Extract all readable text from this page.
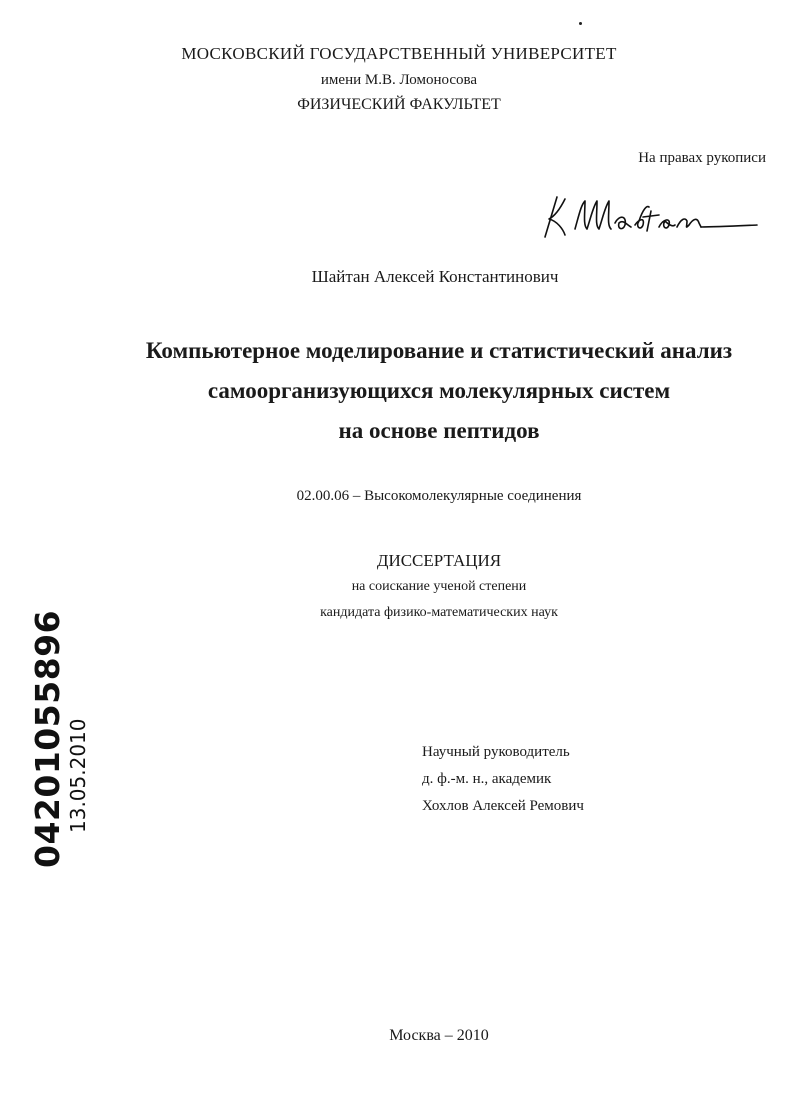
МОСКОВСКИЙ ГОСУДАРСТВЕННЫЙ УНИВЕРСИТЕТ
имени М.В. Ломоносова
ФИЗИЧЕСКИЙ ФАКУЛЬТЕТ
На правах рукописи
Шайтан Алексей Константинович
Компьютерное моделирование и статистический анализ
самоорганизующихся молекулярных систем
на основе пептидов
02.00.06 – Высокомолекулярные соединения
ДИССЕРТАЦИЯ
на соискание ученой степени
кандидата физико-математических наук
Научный руководитель
д. ф.-м. н., академик
Хохлов Алексей Ремович
Москва – 2010
04201055896 13.05.2010
